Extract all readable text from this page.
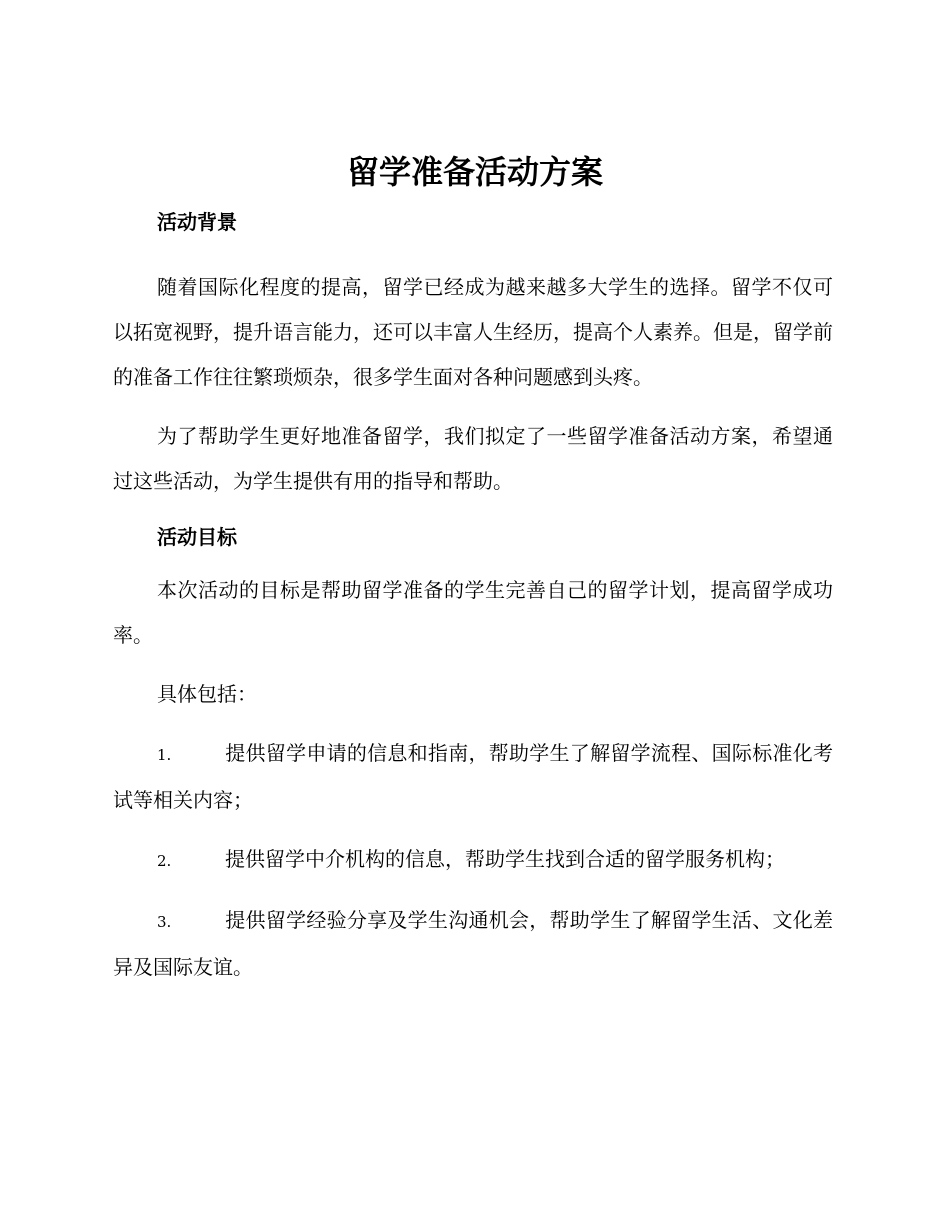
留学准备活动方案
活动背景

随着国际化程度的提高，留学已经成为越来越多大学生的选择。留学不仅可以拓宽视野，提升语言能力，还可以丰富人生经历，提高个人素养。但是，留学前的准备工作往往繁琐烦杂，很多学生面对各种问题感到头疼。

为了帮助学生更好地准备留学，我们拟定了一些留学准备活动方案，希望通过这些活动，为学生提供有用的指导和帮助。

活动目标

本次活动的目标是帮助留学准备的学生完善自己的留学计划，提高留学成功率。

具体包括：

1.	提供留学申请的信息和指南，帮助学生了解留学流程、国际标准化考试等相关内容；
2.	提供留学中介机构的信息，帮助学生找到合适的留学服务机构；
3.	提供留学经验分享及学生沟通机会，帮助学生了解留学生活、文化差异及国际友谊。
